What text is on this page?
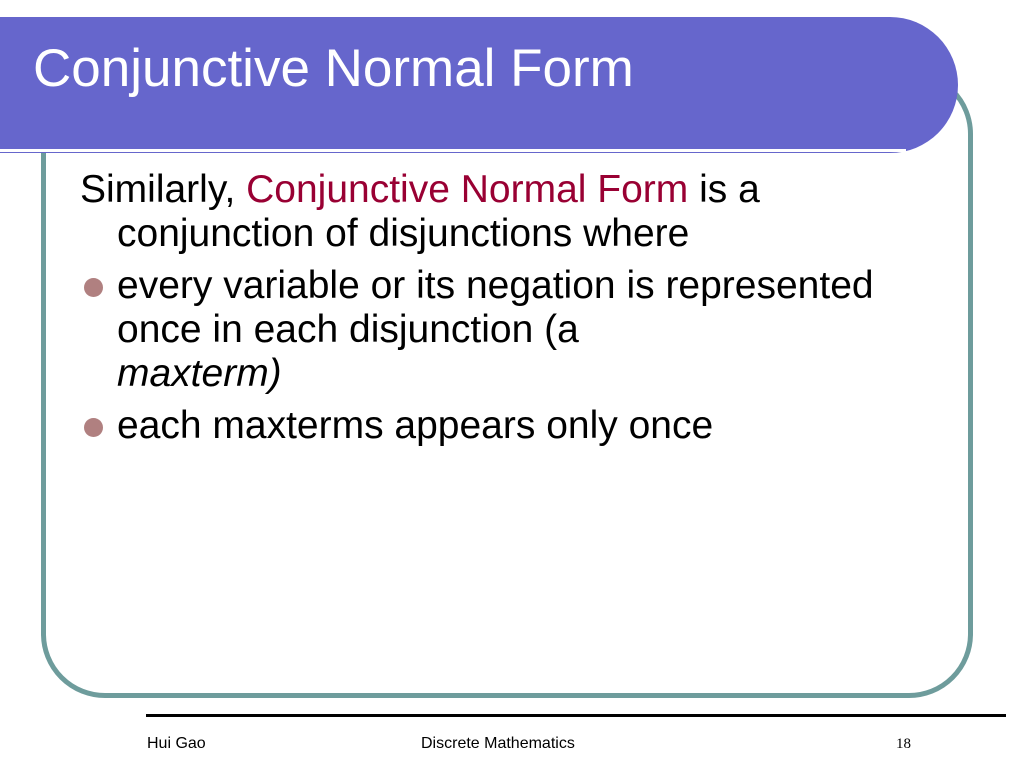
Conjunctive Normal Form

Similarly, Conjunctive Normal Form is a

conjunction of disjunctions where

every variable or its negation is represented once in each disjunction (a
maxterm)
each maxterms appears only once
Hui Gao	Discrete Mathematics	18
